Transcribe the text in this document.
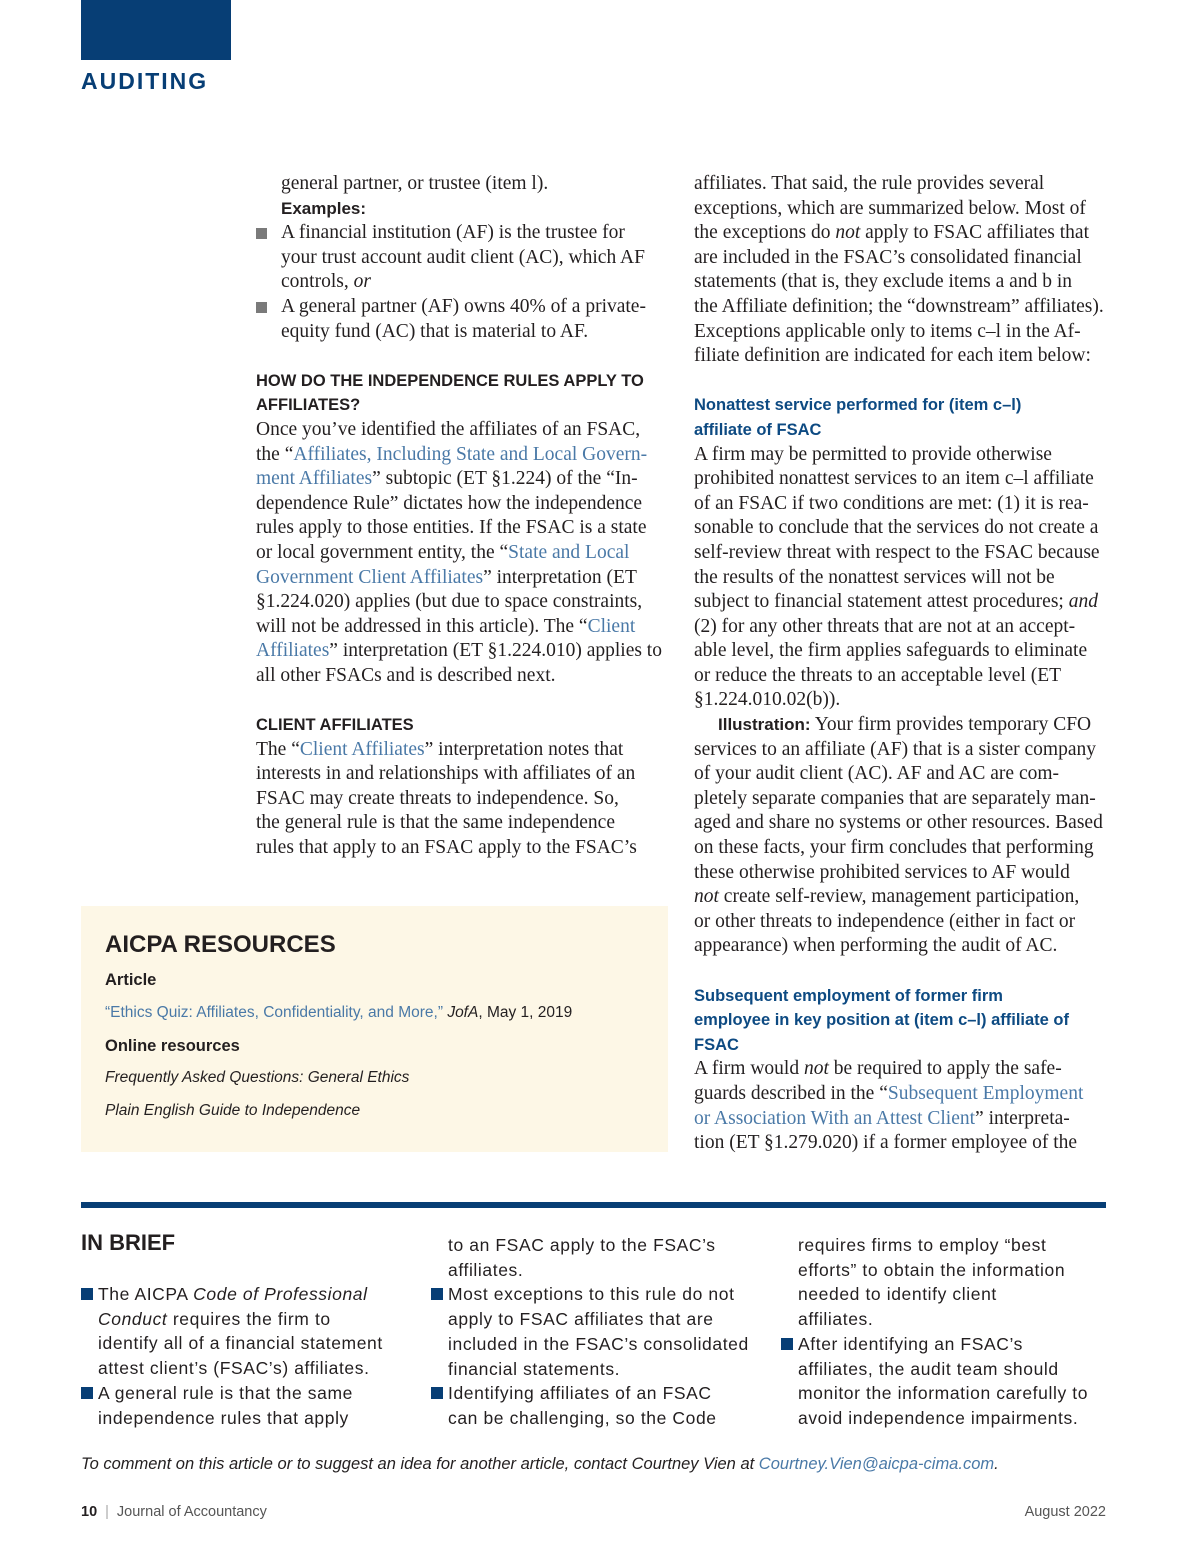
AUDITING

general partner, or trustee (item l).

Examples:

A financial institution (AF) is the trustee for

your trust account audit client (AC), which AF

controls, or

A general partner (AF) owns 40% of a private-

equity fund (AC) that is material to AF.

HOW DO THE INDEPENDENCE RULES APPLY TO
AFFILIATES?

Once you’ve identified the affiliates of an FSAC,

the “Affiliates, Including State and Local Govern-

ment Affiliates” subtopic (ET §1.224) of the “In-

dependence Rule” dictates how the independence

rules apply to those entities. If the FSAC is a state

or local government entity, the “State and Local

Government Client Affiliates” interpretation (ET

§1.224.020) applies (but due to space constraints,

will not be addressed in this article). The “Client

Affiliates” interpretation (ET §1.224.010) applies to

all other FSACs and is described next.

CLIENT AFFILIATES

The “Client Affiliates” interpretation notes that

interests in and relationships with affiliates of an

FSAC may create threats to independence. So,

the general rule is that the same independence

rules that apply to an FSAC apply to the FSAC’s

affiliates. That said, the rule provides several

exceptions, which are summarized below. Most of

the exceptions do not apply to FSAC affiliates that

are included in the FSAC’s consolidated financial

statements (that is, they exclude items a and b in

the Affiliate definition; the “downstream” affiliates).

Exceptions applicable only to items c–l in the Af-

filiate definition are indicated for each item below:

Nonattest service performed for (item c–l)
affiliate of FSAC

A firm may be permitted to provide otherwise

prohibited nonattest services to an item c–l affiliate

of an FSAC if two conditions are met: (1) it is rea-

sonable to conclude that the services do not create a

self-review threat with respect to the FSAC because

the results of the nonattest services will not be

subject to financial statement attest procedures; and

(2) for any other threats that are not at an accept-

able level, the firm applies safeguards to eliminate

or reduce the threats to an acceptable level (ET

§1.224.010.02(b)).

Illustration: Your firm provides temporary CFO

services to an affiliate (AF) that is a sister company

of your audit client (AC). AF and AC are com-

pletely separate companies that are separately man-

aged and share no systems or other resources. Based

on these facts, your firm concludes that performing

these otherwise prohibited services to AF would

not create self-review, management participation,

or other threats to independence (either in fact or

appearance) when performing the audit of AC.

Subsequent employment of former firm
employee in key position at (item c–l) affiliate of
FSAC

A firm would not be required to apply the safe-

guards described in the “Subsequent Employment

or Association With an Attest Client” interpreta-

tion (ET §1.279.020) if a former employee of the

AICPA RESOURCES
Article
“Ethics Quiz: Affiliates, Confidentiality, and More,” JofA, May 1, 2019
Online resources
Frequently Asked Questions: General Ethics
Plain English Guide to Independence
IN BRIEF

The AICPA Code of Professional

Conduct requires the firm to

identify all of a financial statement

attest client’s (FSAC’s) affiliates.

A general rule is that the same

independence rules that apply

to an FSAC apply to the FSAC’s

affiliates.

Most exceptions to this rule do not

apply to FSAC affiliates that are

included in the FSAC’s consolidated

financial statements.

Identifying affiliates of an FSAC

can be challenging, so the Code

requires firms to employ “best

efforts” to obtain the information

needed to identify client

affiliates.

After identifying an FSAC’s

affiliates, the audit team should

monitor the information carefully to

avoid independence impairments.

To comment on this article or to suggest an idea for another article, contact Courtney Vien at Courtney.Vien@aicpa-cima.com.
10 | Journal of Accountancy	August 2022
